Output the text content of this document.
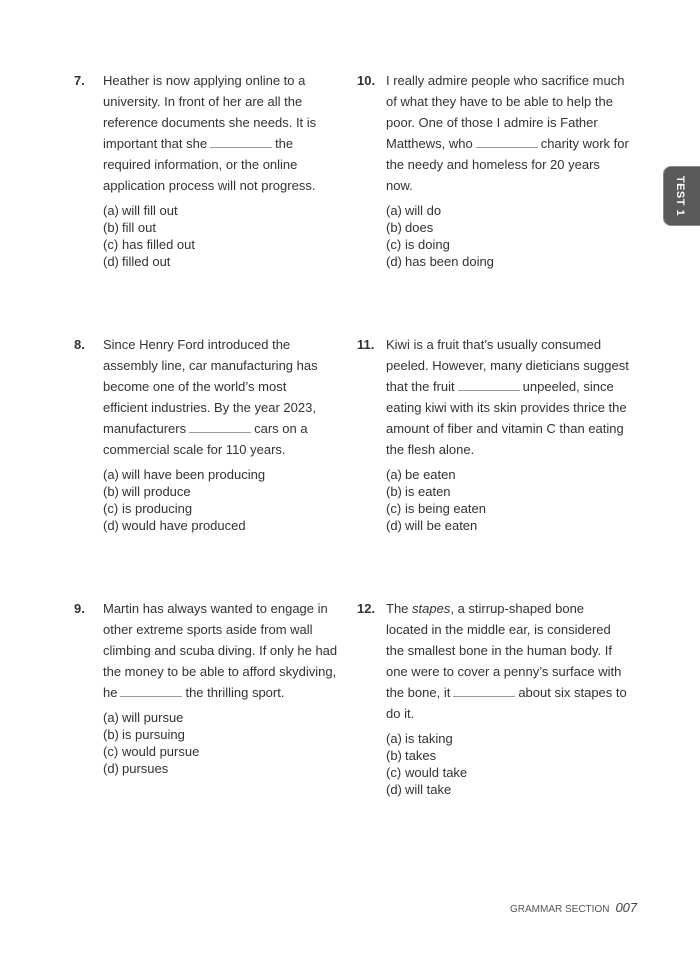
7. Heather is now applying online to a university. In front of her are all the reference documents she needs. It is important that she	the required information, or the online application process will not progress.
(a) will fill out
(b) fill out
(c) has filled out
(d) filled out
8. Since Henry Ford introduced the assembly line, car manufacturing has become one of the world’s most efficient industries. By the year 2023, manufacturers	cars on a commercial scale for 110 years.
(a) will have been producing
(b) will produce
(c) is producing
(d) would have produced
9. Martin has always wanted to engage in other extreme sports aside from wall climbing and scuba diving. If only he had the money to be able to afford skydiving, he	the thrilling sport.
(a) will pursue
(b) is pursuing
(c) would pursue
(d) pursues
10. I really admire people who sacrifice much of what they have to be able to help the poor. One of those I admire is Father Matthews, who	charity work for the needy and homeless for 20 years now.
(a) will do
(b) does
(c) is doing
(d) has been doing
11. Kiwi is a fruit that’s usually consumed peeled. However, many dieticians suggest that the fruit	unpeeled, since eating kiwi with its skin provides thrice the amount of fiber and vitamin C than eating the flesh alone.
(a) be eaten
(b) is eaten
(c) is being eaten
(d) will be eaten
12. The stapes, a stirrup-shaped bone located in the middle ear, is considered the smallest bone in the human body. If one were to cover a penny’s surface with the bone, it	about six stapes to do it.
(a) is taking
(b) takes
(c) would take
(d) will take
TEST 1
GRAMMAR SECTION 007
